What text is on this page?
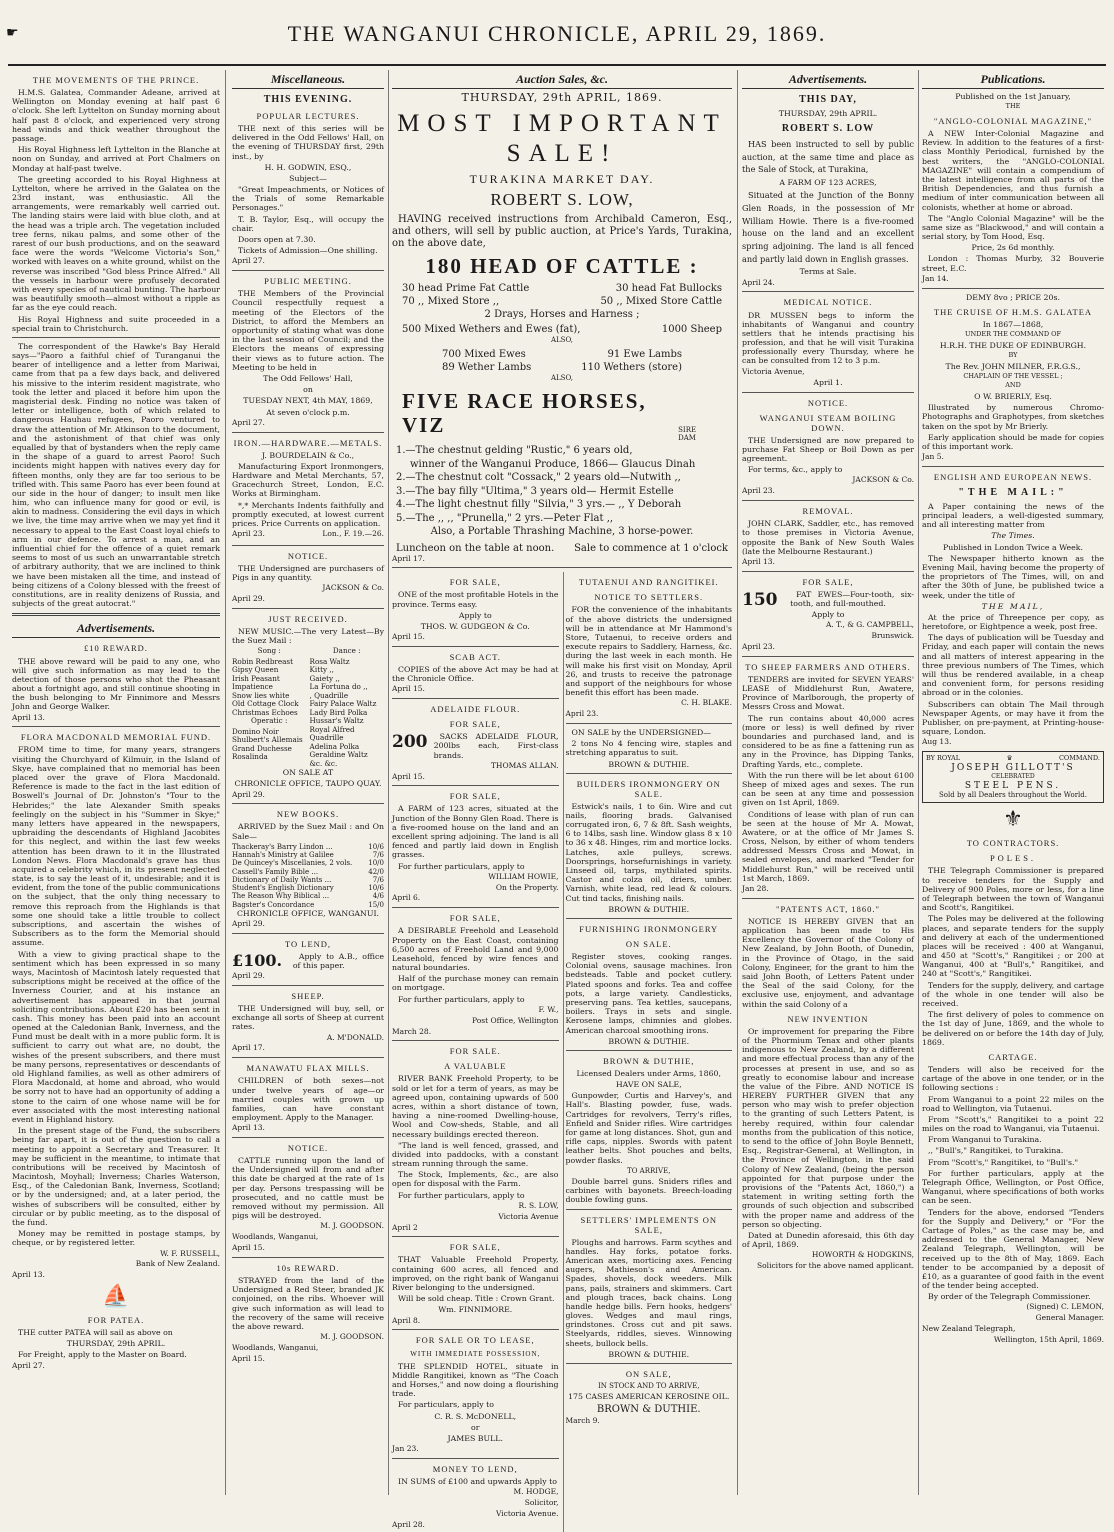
☛	THE WANGANUI CHRONICLE, APRIL 29, 1869.
THE MOVEMENTS OF THE PRINCE.

H.M.S. Galatea, Commander Adeane, arrived at Wellington on Monday evening at half past 6 o'clock. She left Lyttelton on Sunday morning about half past 8 o'clock, and experienced very strong head winds and thick weather throughout the passage.

His Royal Highness left Lyttelton in the Blanche at noon on Sunday, and arrived at Port Chalmers on Monday at half-past twelve.

The greeting accorded to his Royal Highness at Lyttelton, where he arrived in the Galatea on the 23rd instant, was enthusiastic. All the arrangements, were remarkably well carried out. The landing stairs were laid with blue cloth, and at the head was a triple arch. The vegetation included tree ferns, nikau palms, and some other of the rarest of our bush productions, and on the seaward face were the words "Welcome Victoria's Son," worked with leaves on a white ground, whilst on the reverse was inscribed "God bless Prince Alfred." All the vessels in harbour were profusely decorated with every species of nautical bunting. The harbour was beautifully smooth—almost without a ripple as far as the eye could reach.

His Royal Highness and suite proceeded in a special train to Christchurch.

The correspondent of the Hawke's Bay Herald says—"Paoro a faithful chief of Turanganui the bearer of intelligence and a letter from Mariwai, came from that pa a few days back, and delivered his missive to the interim resident magistrate, who took the letter and placed it before him upon the magisterial desk. Finding no notice was taken of letter or intelligence, both of which related to dangerous Hauhau refugees, Paoro ventured to draw the attention of Mr. Atkinson to the document, and the astonishment of that chief was only equalled by that of bystanders when the reply came in the shape of a guard to arrest Paoro! Such incidents might happen with natives every day for fifteen months, only they are far too serious to be trifled with. This same Paoro has ever been found at our side in the hour of danger; to insult men like him, who can influence many for good or evil, is akin to madness. Considering the evil days in which we live, the time may arrive when we may yet find it necessary to appeal to the East Coast loyal chiefs to arm in our defence. To arrest a man, and an influential chief for the offence of a quiet remark seems to most of us such an unwarrantable stretch of arbitrary authority, that we are inclined to think we have been mistaken all the time, and instead of being citizens of a Colony blessed with the freest of constitutions, are in reality denizens of Russia, and subjects of the great autocrat."

Advertisements.
£10 REWARD.

THE above reward will be paid to any one, who will give such information as may lead to the detection of those persons who shot the Pheasant about a fortnight ago, and still continue shooting in the bush belonging to Mr Finnimore and Messrs John and George Walker.

April 13.

FLORA MACDONALD MEMORIAL FUND.

FROM time to time, for many years, strangers visiting the Churchyard of Kilmuir, in the Island of Skye, have complained that no memorial has been placed over the grave of Flora Macdonald. Reference is made to the fact in the last edition of Boswell's Journal of Dr. Johnston's "Tour to the Hebrides;" the late Alexander Smith speaks feelingly on the subject in his "Summer in Skye;" many letters have appeared in the newspapers, upbraiding the descendants of Highland Jacobites for this neglect, and within the last few weeks attention has been drawn to it in the Illustrated London News. Flora Macdonald's grave has thus acquired a celebrity which, in its present neglected state, is to say the least of it, undesirable; and it is evident, from the tone of the public communications on the subject, that the only thing necessary to remove this reproach from the Highlands is that some one should take a little trouble to collect subscriptions, and ascertain the wishes of Subscribers as to the form the Memorial should assume.

With a view to giving practical shape to the sentiment which has been expressed in so many ways, Macintosh of Macintosh lately requested that subscriptions might be received at the office of the Inverness Courier, and at his instance an advertisement has appeared in that journal soliciting contributions. About £20 has been sent in cash. This money has been paid into an account opened at the Caledonian Bank, Inverness, and the Fund must be dealt with in a more public form. It is sufficient to carry out what are, no doubt, the wishes of the present subscribers, and there must be many persons, representatives or descendants of old Highland families, as well as other admirers of Flora Macdonald, at home and abroad, who would be sorry not to have had an opportunity of adding a stone to the cairn of one whose name will be for ever associated with the most interesting national event in Highland history.

In the present stage of the Fund, the subscribers being far apart, it is out of the question to call a meeting to appoint a Secretary and Treasurer. It may be sufficient in the meantime, to intimate that contributions will be received by Macintosh of Macintosh, Moyhall; Inverness; Charles Waterson, Esq., of the Caledonian Bank, Inverness, Scotland; or by the undersigned; and, at a later period, the wishes of subscribers will be consulted, either by circular or by public meeting, as to the disposal of the fund.

Money may be remitted in postage stamps, by cheque, or by registered letter.

W. F. RUSSELL,

Bank of New Zealand.

April 13.

⛵
FOR PATEA.

THE cutter PATEA will sail as above on

THURSDAY, 29th APRIL.

For Freight, apply to the Master on Board.

April 27.

Miscellaneous.
THIS EVENING.
POPULAR LECTURES.

THE next of this series will be delivered in the Odd Fellows' Hall, on the evening of THURSDAY first, 29th inst., by

H. H. GODWIN, ESQ.,

Subject—

"Great Impeachments, or Notices of the Trials of some Remarkable Personages."

T. B. Taylor, Esq., will occupy the chair.

Doors open at 7.30.

Tickets of Admission—One shilling.

April 27.

PUBLIC MEETING.

THE Members of the Provincial Council respectfully request a meeting of the Electors of the District, to afford the Members an opportunity of stating what was done in the last session of Council; and the Electors the means of expressing their views as to future action. The Meeting to be held in

The Odd Fellows' Hall,

on

TUESDAY NEXT, 4th MAY, 1869,

At seven o'clock p.m.

April 27.

IRON.—HARDWARE.—METALS.

J. BOURDELAIN & Co.,

Manufacturing Export Ironmongers, Hardware and Metal Merchants, 57, Gracechurch Street, London, E.C. Works at Birmingham.

*,* Merchants Indents faithfully and promptly executed, at lowest current prices. Price Currents on application.

April 23.	Lon., F. 19.—26.
NOTICE.

THE Undersigned are purchasers of Pigs in any quantity.

JACKSON & Co.

April 29.

JUST RECEIVED.

NEW MUSIC.—The very Latest—By the Suez Mail :

Song :
Robin Redbreast
Gipsy Queen
Irish Peasant
Impatience
Snow lies white
Old Cottage Clock
Christmas Echoes
Operatic :
Domino Noir
Shulbert's Allemais
Grand Duchesse
Rosalinda
Dance :
Rosa Waltz
Kitty ,,
Gaiety ,,
La Fortuna do ,,
, Quadrille
Fairy Palace Waltz
Lady Bird Polka
Hussar's Waltz
Royal Alfred Quadrille
Adelina Polka
Geraldine Waltz
&c. &c.

ON SALE AT

CHRONICLE OFFICE, TAUPO QUAY.

April 29.

NEW BOOKS.

ARRIVED by the Suez Mail : and On Sale—

Thackeray's Barry Lindon ...	10/6
Hannah's Ministry at Galilee	7/6
De Quincey's Miscellanies, 2 vols. 10/0
Cassell's Family Bible ...	42/0
Dictionary of Daily Wants ...	7/6
Student's English Dictionary	10/6
The Reason Why Biblical ...	4/6
Bagster's Concordance	15/0

CHRONICLE OFFICE, WANGANUI.

April 29.

TO LEND,
£100.	Apply to A.B., office of this paper.

April 29.

SHEEP.

THE Undersigned will buy, sell, or exchange all sorts of Sheep at current rates.

A. M'DONALD.

April 17.

MANAWATU FLAX MILLS.

CHILDREN of both sexes—not under twelve years of age—or married couples with grown up families, can have constant employment. Apply to the Manager.

April 13.

NOTICE.

CATTLE running upon the land of the Undersigned will from and after this date be charged at the rate of 1s per day. Persons trespassing will be prosecuted, and no cattle must be removed without my permission. All pigs will be destroyed.

M. J. GOODSON.

Woodlands, Wanganui,

April 15.

10s REWARD.

STRAYED from the land of the Undersigned a Red Steer, branded JK conjoined, on the ribs. Whoever will give such information as will lead to the recovery of the same will receive the above reward.

M. J. GOODSON.

Woodlands, Wanganui,

April 15.

Auction Sales, &c.
THURSDAY, 29th APRIL, 1869.
MOST IMPORTANT SALE!
TURAKINA MARKET DAY.
ROBERT S. LOW,

HAVING received instructions from Archibald Cameron, Esq., and others, will sell by public auction, at Price's Yards, Turakina, on the above date,

180 HEAD OF CATTLE :
30 head Prime Fat Cattle	30 head Fat Bullocks
70 ,, Mixed Store ,,	50 ,, Mixed Store Cattle
2 Drays, Horses and Harness ;
500 Mixed Wethers and Ewes (fat),	1000 Sheep
ALSO,
700 Mixed Ewes	91 Ewe Lambs
89 Wether Lambs	110 Wethers (store)
ALSO,
FIVE RACE HORSES, VIZ	SIRE    DAM
1.—The chestnut gelding "Rustic," 6 years old,
winner of the Wanganui Produce, 1866— Glaucus Dinah
2.—The chestnut colt "Cossack," 2 years old—Nutwith ,,
3.—The bay filly "Ultima," 3 years old— Hermit Estelle
4.—The light chestnut filly "Silvia," 3 yrs.— ,, Y Deborah
5.—The ,, ,, "Prunella," 2 yrs.—Peter Flat ,,
Also, a Portable Thrashing Machine, 3 horse-power.
Luncheon on the table at noon. Sale to commence at 1 o'clock

April 17.

FOR SALE,

ONE of the most profitable Hotels in the province. Terms easy.

Apply to

THOS. W. GUDGEON & Co.

April 15.

SCAB ACT.

COPIES of the above Act may be had at the Chronicle Office.

April 15.

ADELAIDE FLOUR.
FOR SALE,
200	SACKS ADELAIDE FLOUR, 200lbs each, First-class brands.

THOMAS ALLAN.

April 15.

FOR SALE,

A FARM of 123 acres, situated at the Junction of the Bonny Glen Road. There is a five-roomed house on the land and an excellent spring adjoining. The land is all fenced and partly laid down in English grasses.

For further particulars, apply to

WILLIAM HOWIE,

On the Property.

April 6.

FOR SALE,

A DESIRABLE Freehold and Leasehold Property on the East Coast, containing 6,500 acres of Freehold Land and 9,000 Leasehold, fenced by wire fences and natural boundaries.

Half of the purchase money can remain on mortgage.

For further particulars, apply to

F. W.,

Post Office, Wellington

March 28.

FOR SALE.
A VALUABLE

RIVER BANK Freehold Property, to be sold or let for a term of years, as may be agreed upon, containing upwards of 500 acres, within a short distance of town, having a nine-roomed Dwelling-house, Wool and Cow-sheds, Stable, and all necessary buildings erected thereon.

"The land is well fenced, grassed, and divided into paddocks, with a constant stream running through the same.

The Stock, Implements, &c., are also open for disposal with the Farm.

For further particulars, apply to

R. S. LOW,

Victoria Avenue

April 2

FOR SALE,

THAT Valuable Freehold Property, containing 600 acres, all fenced and improved, on the right bank of Wanganui River belonging to the undersigned.

Will be sold cheap. Title : Crown Grant.

Wm. FINNIMORE.

April 8.

FOR SALE OR TO LEASE,
WITH IMMEDIATE POSSESSION,

THE SPLENDID HOTEL, situate in Middle Rangitikei, known as "The Coach and Horses," and now doing a flourishing trade.

For particulars, apply to

C. R. S. McDONELL,

or

JAMES BULL.

Jan 23.

MONEY TO LEND,

IN SUMS of £100 and upwards Apply to

M. HODGE,

Solicitor,

Victoria Avenue.

April 28.

TUTAENUI AND RANGITIKEI.
NOTICE TO SETTLERS.

FOR the convenience of the inhabitants of the above districts the undersigned will be in attendance at Mr Hammond's Store, Tutaenui, to receive orders and execute repairs to Saddlery, Harness, &c. during the last week in each month. He will make his first visit on Monday, April 26, and trusts to receive the patronage and support of the neighbours for whose benefit this effort has been made.

C. H. BLAKE.

April 23.

ON SALE by the UNDERSIGNED—

2 tons No 4 fencing wire, staples and stretching apparatus to suit.

BROWN & DUTHIE.

BUILDERS IRONMONGERY ON SALE.

Estwick's nails, 1 to 6in. Wire and cut nails, flooring brads. Galvanised corrugated iron, 6, 7 & 8ft. Sash weights, 6 to 14lbs, sash line. Window glass 8 x 10 to 36 x 48. Hinges, rim and mortice locks. Latches, axle pulleys, screws. Doorsprings, horsefurnishings in variety. Linseed oil, tarps, mythilated spirits. Castor and colza oil, driers, umber. Varnish, white lead, red lead & colours. Cut tind tacks, finishing nails.

BROWN & DUTHIE.

FURNISHING IRONMONGERY
ON SALE.

Register stoves, cooking ranges. Colonial ovens, sausage machines. Iron bedsteads. Table and pocket cutlery. Plated spoons and forks. Tea and coffee pots, a large variety. Candlesticks, preserving pans. Tea kettles, saucepans, boilers. Trays in sets and single. Kerosene lamps, chimnies and globes. American charcoal smoothing irons.

BROWN & DUTHIE.

BROWN & DUTHIE,

Licensed Dealers under Arms, 1860,

HAVE ON SALE,

Gunpowder, Curtis and Harvey's, and Hall's. Blasting powder, fuse, wads. Cartridges for revolvers, Terry's rifles, Enfield and Snider rifles. Wire cartridges for game at long distances. Shot, gun and rifle caps, nipples. Swords with patent leather belts. Shot pouches and belts, powder flasks.

TO ARRIVE,

Double barrel guns. Sniders rifles and carbines with bayonets. Breech-loading double fowling guns.

SETTLERS' IMPLEMENTS ON SALE,

Ploughs and harrows. Farm scythes and handles. Hay forks, potatoe forks. American axes, morticing axes. Fencing augers, Mathieson's and American. Spades, shovels, dock weeders. Milk pans, pails, strainers and skimmers. Cart and plough traces, back chains. Long handle hedge bills. Fern hooks, hedgers' gloves. Wedges and maul rings, grindstones. Cross cut and pit saws. Steelyards, riddles, sieves. Winnowing sheets, bullock bells.

BROWN & DUTHIE.

ON SALE,

IN STOCK AND TO ARRIVE,

175 CASES AMERICAN KEROSINE OIL.

BROWN & DUTHIE.

March 9.

Advertisements.
THIS DAY,

THURSDAY, 29th APRIL.

ROBERT S. LOW

HAS been instructed to sell by public auction, at the same time and place as the Sale of Stock, at Turakina,

A FARM OF 123 ACRES,

Situated at the Junction of the Bonny Glen Roads, in the possession of Mr William Howie. There is a five-roomed house on the land and an excellent spring adjoining. The land is all fenced and partly laid down in English grasses.

Terms at Sale.

April 24.

MEDICAL NOTICE.

DR MUSSEN begs to inform the inhabitants of Wanganui and country settlers that he intends practising his profession, and that he will visit Turakina professionally every Thursday, where he can be consulted from 12 to 3 p.m.

Victoria Avenue,

April 1.

NOTICE.
WANGANUI STEAM BOILING DOWN.

THE Undersigned are now prepared to purchase Fat Sheep or Boil Down as per agreement.

For terms, &c., apply to

JACKSON & Co.

April 23.

REMOVAL.

JOHN CLARK, Saddler, etc., has removed to those premises in Victoria Avenue, opposite the Bank of New South Wales (late the Melbourne Restaurant.)

April 13.

FOR SALE,
150	FAT EWES—Four-tooth, six-tooth, and full-mouthed.

Apply to

A. T., & G. CAMPBELL,

Brunswick.

April 23.

TO SHEEP FARMERS AND OTHERS.

TENDERS are invited for SEVEN YEARS' LEASE of Middlehurst Run, Awatere, Province of Marlborough, the property of Messrs Cross and Mowat.

The run contains about 40,000 acres (more or less) is well defined by river boundaries and purchased land, and is considered to be as fine a fattening run as any in the Province, has Dipping Tanks, Drafting Yards, etc., complete.

With the run there will be let about 6100 Sheep of mixed ages and sexes. The run can be seen at any time and possession given on 1st April, 1869.

Conditions of lease with plan of run can be seen at the house of Mr A. Mowat, Awatere, or at the office of Mr James S. Cross, Nelson, by either of whom tenders addressed Messrs Cross and Mowat, in sealed envelopes, and marked "Tender for Middlehurst Run," will be received until 1st March, 1869.

Jan 28.

"PATENTS ACT, 1860."

NOTICE IS HEREBY GIVEN that an application has been made to His Excellency the Governor of the Colony of New Zealand, by John Booth, of Dunedin, in the Province of Otago, in the said Colony, Engineer, for the grant to him the said John Booth, of Letters Patent under the Seal of the said Colony, for the exclusive use, enjoyment, and advantage within the said Colony of a

NEW INVENTION

Or improvement for preparing the Fibre of the Phormium Tenax and other plants indigenous to New Zealand, by a different and more effectual process than any of the processes at present in use, and so as greatly to economise labour and increase the value of the Fibre. AND NOTICE IS HEREBY FURTHER GIVEN that any person who may wish to prefer objection to the granting of such Letters Patent, is hereby required, within four calendar months from the publication of this notice, to send to the office of John Boyle Bennett, Esq., Registrar-General, at Wellington, in the Province of Wellington, in the said Colony of New Zealand, (being the person appointed for that purpose under the provisions of the "Patents Act, 1860,") a statement in writing setting forth the grounds of such objection and subscribed with the proper name and address of the person so objecting.

Dated at Dunedin aforesaid, this 6th day of April, 1869.

HOWORTH & HODGKINS,

Solicitors for the above named applicant.

Publications.

Published on the 1st January,

THE

"ANGLO-COLONIAL MAGAZINE,"

A NEW Inter-Colonial Magazine and Review. In addition to the features of a first-class Monthly Periodical, furnished by the best writers, the "ANGLO-COLONIAL MAGAZINE" will contain a compendium of the latest intelligence from all parts of the British Dependencies, and thus furnish a medium of inter communication between all colonists, whether at home or abroad.

The "Anglo Colonial Magazine" will be the same size as "Blackwood," and will contain a serial story, by Tom Hood, Esq.

Price, 2s 6d monthly.

London : Thomas Murby, 32 Bouverie street, E.C.

Jan 14.

DEMY 8vo ; PRICE 20s.

THE CRUISE OF H.M.S. GALATEA

In 1867—1868,

UNDER THE COMMAND OF

H.R.H. THE DUKE OF EDINBURGH.

BY

The Rev. JOHN MILNER, F.R.G.S.,

CHAPLAIN OF THE VESSEL ;

AND

O W. BRIERLY, Esq.

Illustrated by numerous Chromo-Photographs and Graphotypes, from sketches taken on the spot by Mr Brierly.

Early application should be made for copies of this important work.

Jan 5.

ENGLISH AND EUROPEAN NEWS.
"THE MAIL:"

A Paper containing the news of the principal leaders, a well-digested summary, and all interesting matter from

The Times.

Published in London Twice a Week.

The Newspaper hitherto known as the Evening Mail, having become the property of the proprietors of The Times, will, on and after the 30th of June, be published twice a week, under the title of

THE MAIL,

At the price of Threepence per copy, as heretofore, or Eightpence a week, post free.

The days of publication will be Tuesday and Friday, and each paper will contain the news and all matters of interest appearing in the three previous numbers of The Times, which will thus be rendered available, in a cheap and convenient form, for persons residing abroad or in the colonies.

Subscribers can obtain The Mail through Newspaper Agents, or may have it from the Publisher, on pre-payment, at Printing-house-square, London.

Aug 13.

BY ROYAL	♛	COMMAND.
JOSEPH GILLOTT'S
CELEBRATED
STEEL PENS.
Sold by all Dealers throughout the World.
⚜
TO CONTRACTORS.
POLES.

THE Telegraph Commissioner is prepared to receive tenders for the Supply and Delivery of 900 Poles, more or less, for a line of Telegraph between the town of Wanganui and Scott's, Rangitikei.

The Poles may be delivered at the following places, and separate tenders for the supply and delivery at each of the undermentioned places will be received : 400 at Wanganui, and 450 at "Scott's," Rangitikei ; or 200 at Wanganui, 400 at "Bull's," Rangitikei, and 240 at "Scott's," Rangitikei.

Tenders for the supply, delivery, and cartage of the whole in one tender will also be received.

The first delivery of poles to commence on the 1st day of June, 1869, and the whole to be delivered on or before the 14th day of July, 1869.

CARTAGE.

Tenders will also be received for the cartage of the above in one tender, or in the following sections :

From Wanganui to a point 22 miles on the road to Wellington, via Tutaenui.

From "Scott's," Rangitikei to a point 22 miles on the road to Wanganui, via Tutaenui.

From Wanganui to Turakina.

,, "Bull's," Rangitikei, to Turakina.

From "Scott's," Rangitikei, to "Bull's."

For further particulars, apply at the Telegraph Office, Wellington, or Post Office, Wanganui, where specifications of both works can be seen.

Tenders for the above, endorsed "Tenders for the Supply and Delivery," or "For the Cartage of Poles," as the case may be, and addressed to the General Manager, New Zealand Telegraph, Wellington, will be received up to the 8th of May, 1869. Each tender to be accompanied by a deposit of £10, as a guarantee of good faith in the event of the tender being accepted.

By order of the Telegraph Commissioner.

(Signed) C. LEMON,

General Manager.

New Zealand Telegraph,

Wellington, 15th April, 1869.
